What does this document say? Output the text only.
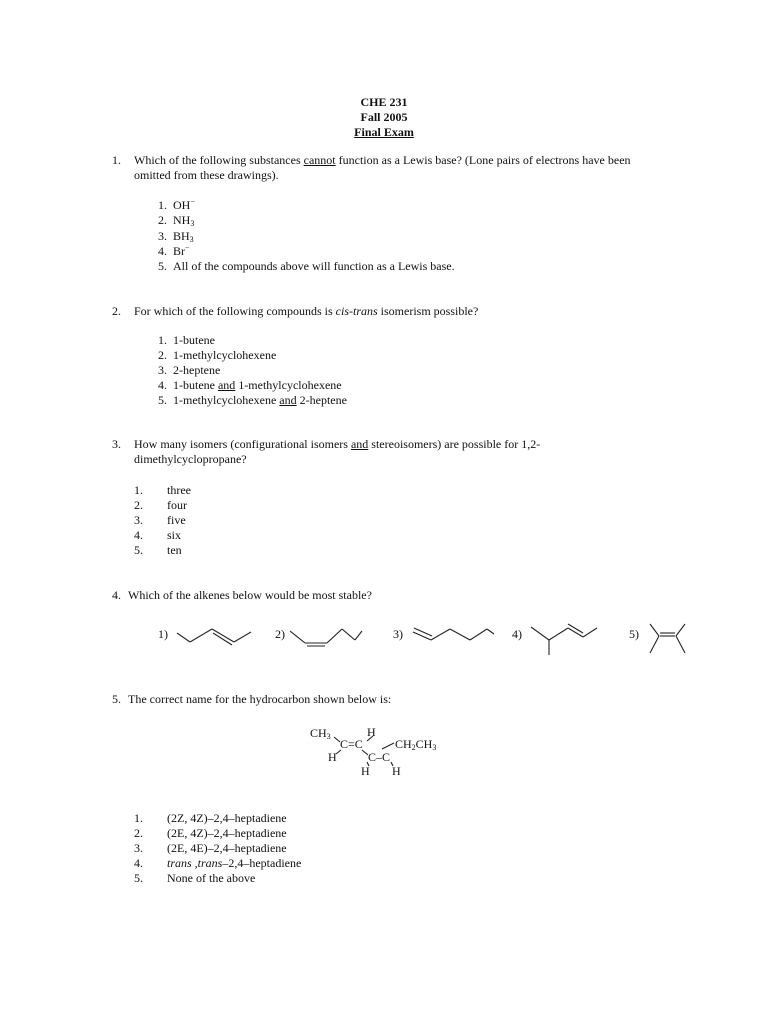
CHE 231
Fall 2005
Final Exam
1. Which of the following substances cannot function as a Lewis base? (Lone pairs of electrons have been
omitted from these drawings).
1. OH−
2. $NH_3$
3. $BH_3$
4. Br−
5. All of the compounds above will function as a Lewis base.
2. For which of the following compounds is cis-trans isomerism possible?
1. 1-butene
2. 1-methylcyclohexene
3. 2-heptene
4. 1-butene and 1-methylcyclohexene
5. 1-methylcyclohexene and 2-heptene
3. How many isomers (configurational isomers and stereoisomers) are possible for 1,2-
dimethylcyclopropane?
1. three
2. four
3. five
4. six
5. ten
4. Which of the alkenes below would be most stable?
1)	2)	3)	4)	5)
5. The correct name for the hydrocarbon shown below is:
$CH_3$	H
C=C	$CH_2CH_3$
H	C–C
H H
1. (2Z, 4Z)–2,4–heptadiene
2. (2E, 4Z)–2,4–heptadiene
3. (2E, 4E)–2,4–heptadiene
4. trans ,trans–2,4–heptadiene
5. None of the above
